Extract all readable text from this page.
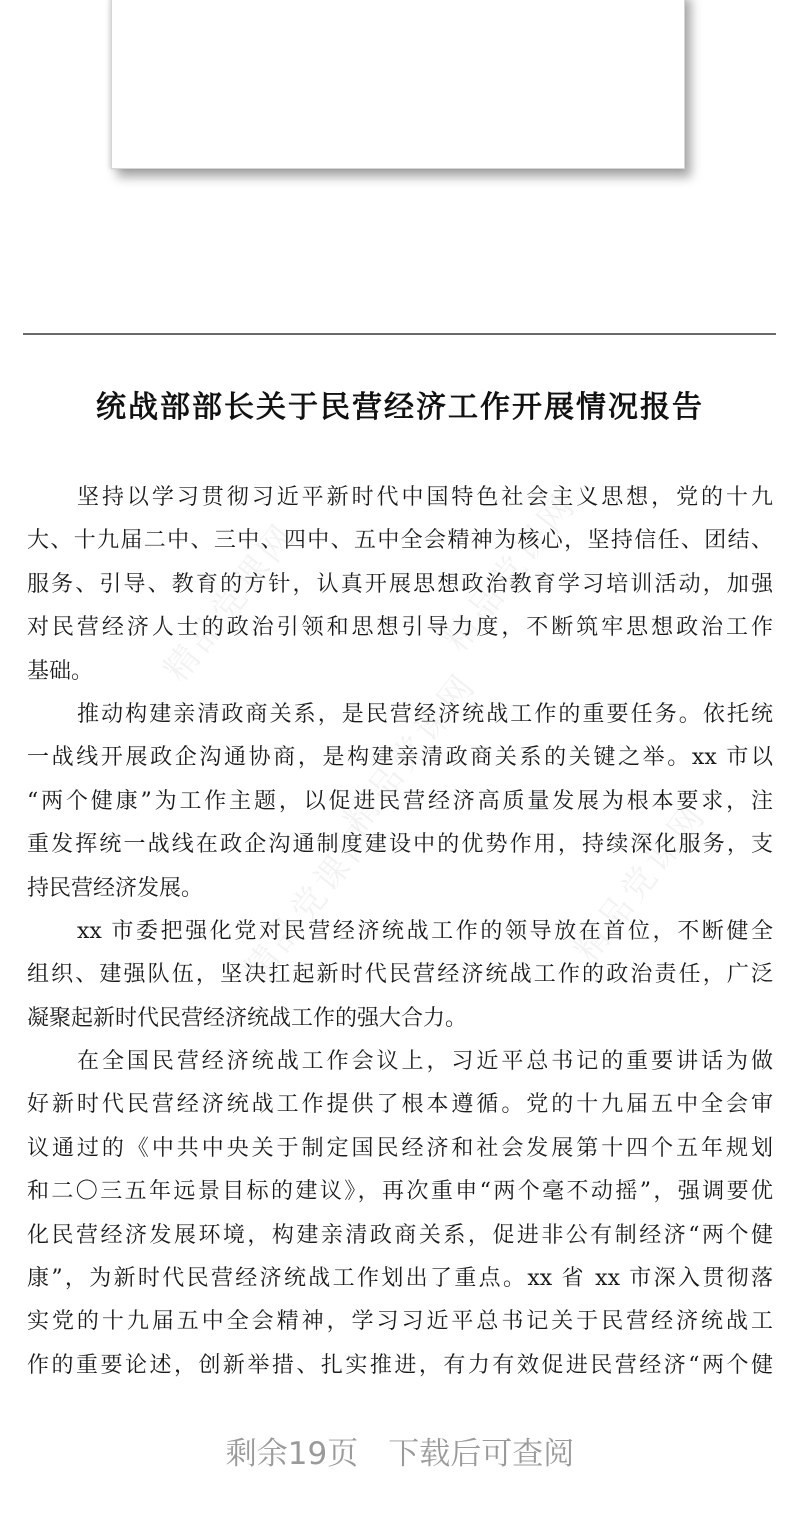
统战部部长关于民营经济工作开展情况报告
精品党课网	精品党课网
精品党课网
精品党课网	精品党课网
坚持以学习贯彻习近平新时代中国特色社会主义思想，党的十九
大、十九届二中、三中、四中、五中全会精神为核心，坚持信任、团结、
服务、引导、教育的方针，认真开展思想政治教育学习培训活动，加强
对民营经济人士的政治引领和思想引导力度，不断筑牢思想政治工作
基础。
推动构建亲清政商关系，是民营经济统战工作的重要任务。依托统
一战线开展政企沟通协商，是构建亲清政商关系的关键之举。xx 市以
“两个健康”为工作主题，以促进民营经济高质量发展为根本要求，注
重发挥统一战线在政企沟通制度建设中的优势作用，持续深化服务，支
持民营经济发展。
xx 市委把强化党对民营经济统战工作的领导放在首位，不断健全
组织、建强队伍，坚决扛起新时代民营经济统战工作的政治责任，广泛
凝聚起新时代民营经济统战工作的强大合力。
在全国民营经济统战工作会议上，习近平总书记的重要讲话为做
好新时代民营经济统战工作提供了根本遵循。党的十九届五中全会审
议通过的《中共中央关于制定国民经济和社会发展第十四个五年规划
和二〇三五年远景目标的建议》，再次重申“两个毫不动摇”，强调要优
化民营经济发展环境，构建亲清政商关系，促进非公有制经济“两个健
康”，为新时代民营经济统战工作划出了重点。xx 省 xx 市深入贯彻落
实党的十九届五中全会精神，学习习近平总书记关于民营经济统战工
作的重要论述，创新举措、扎实推进，有力有效促进民营经济“两个健
剩余19页 下载后可查阅
